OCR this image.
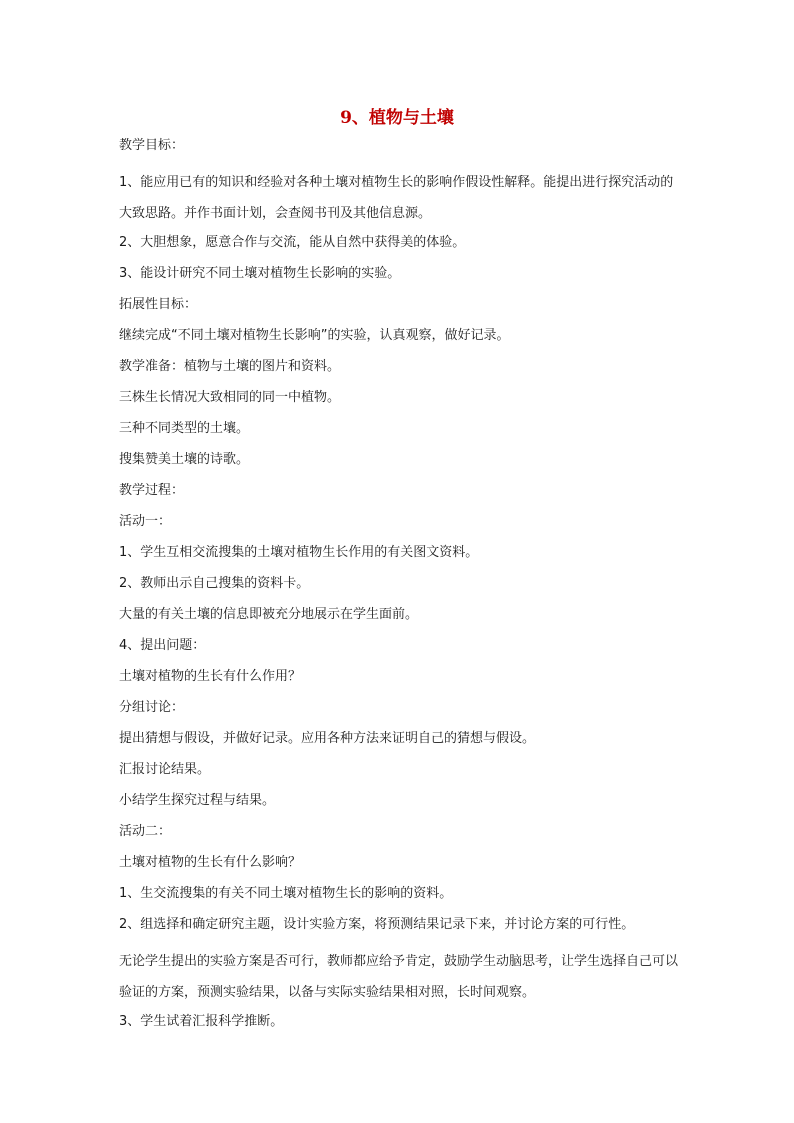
9、植物与土壤
教学目标：
1、能应用已有的知识和经验对各种土壤对植物生长的影响作假设性解释。能提出进行探究活动的大致思路。并作书面计划，会查阅书刊及其他信息源。
2、大胆想象，愿意合作与交流，能从自然中获得美的体验。
3、能设计研究不同土壤对植物生长影响的实验。
拓展性目标：
继续完成“不同土壤对植物生长影响”的实验，认真观察，做好记录。
教学准备：植物与土壤的图片和资料。
三株生长情况大致相同的同一中植物。
三种不同类型的土壤。
搜集赞美土壤的诗歌。
教学过程：
活动一：
1、学生互相交流搜集的土壤对植物生长作用的有关图文资料。
2、教师出示自己搜集的资料卡。
大量的有关土壤的信息即被充分地展示在学生面前。
4、提出问题：
土壤对植物的生长有什么作用？
分组讨论：
提出猜想与假设，并做好记录。应用各种方法来证明自己的猜想与假设。
汇报讨论结果。
小结学生探究过程与结果。
活动二：
土壤对植物的生长有什么影响？
1、生交流搜集的有关不同土壤对植物生长的影响的资料。
2、组选择和确定研究主题，设计实验方案，将预测结果记录下来，并讨论方案的可行性。
无论学生提出的实验方案是否可行，教师都应给予肯定，鼓励学生动脑思考，让学生选择自己可以验证的方案，预测实验结果，以备与实际实验结果相对照，长时间观察。
3、学生试着汇报科学推断。
